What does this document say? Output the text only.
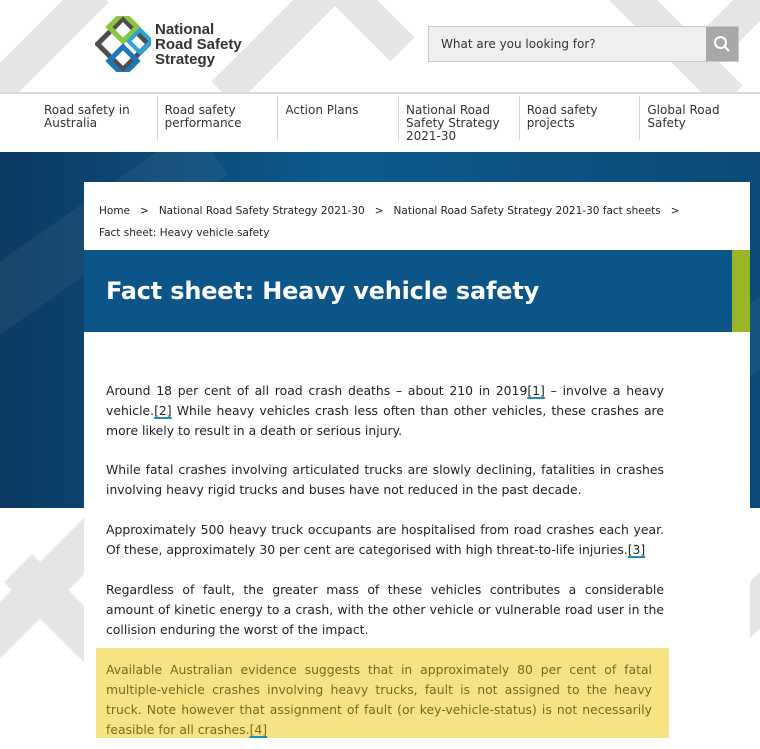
National
Road Safety
Strategy
What are you looking for?
Road safety in Australia
Road safety performance
Action Plans	National Road Safety Strategy 2021-30
Road safety projects
Global Road Safety
Home > National Road Safety Strategy 2021-30 > National Road Safety Strategy 2021-30 fact sheets >
Fact sheet: Heavy vehicle safety
Fact sheet: Heavy vehicle safety

Around 18 per cent of all road crash deaths – about 210 in 2019[1] – involve a heavy vehicle.[2] While heavy vehicles crash less often than other vehicles, these crashes are more likely to result in a death or serious injury.

While fatal crashes involving articulated trucks are slowly declining, fatalities in crashes involving heavy rigid trucks and buses have not reduced in the past decade.

Approximately 500 heavy truck occupants are hospitalised from road crashes each year. Of these, approximately 30 per cent are categorised with high threat-to-life injuries.[3]

Regardless of fault, the greater mass of these vehicles contributes a considerable amount of kinetic energy to a crash, with the other vehicle or vulnerable road user in the collision enduring the worst of the impact.

Available Australian evidence suggests that in approximately 80 per cent of fatal multiple-vehicle crashes involving heavy trucks, fault is not assigned to the heavy truck. Note however that assignment of fault (or key-vehicle-status) is not necessarily feasible for all crashes.[4]
